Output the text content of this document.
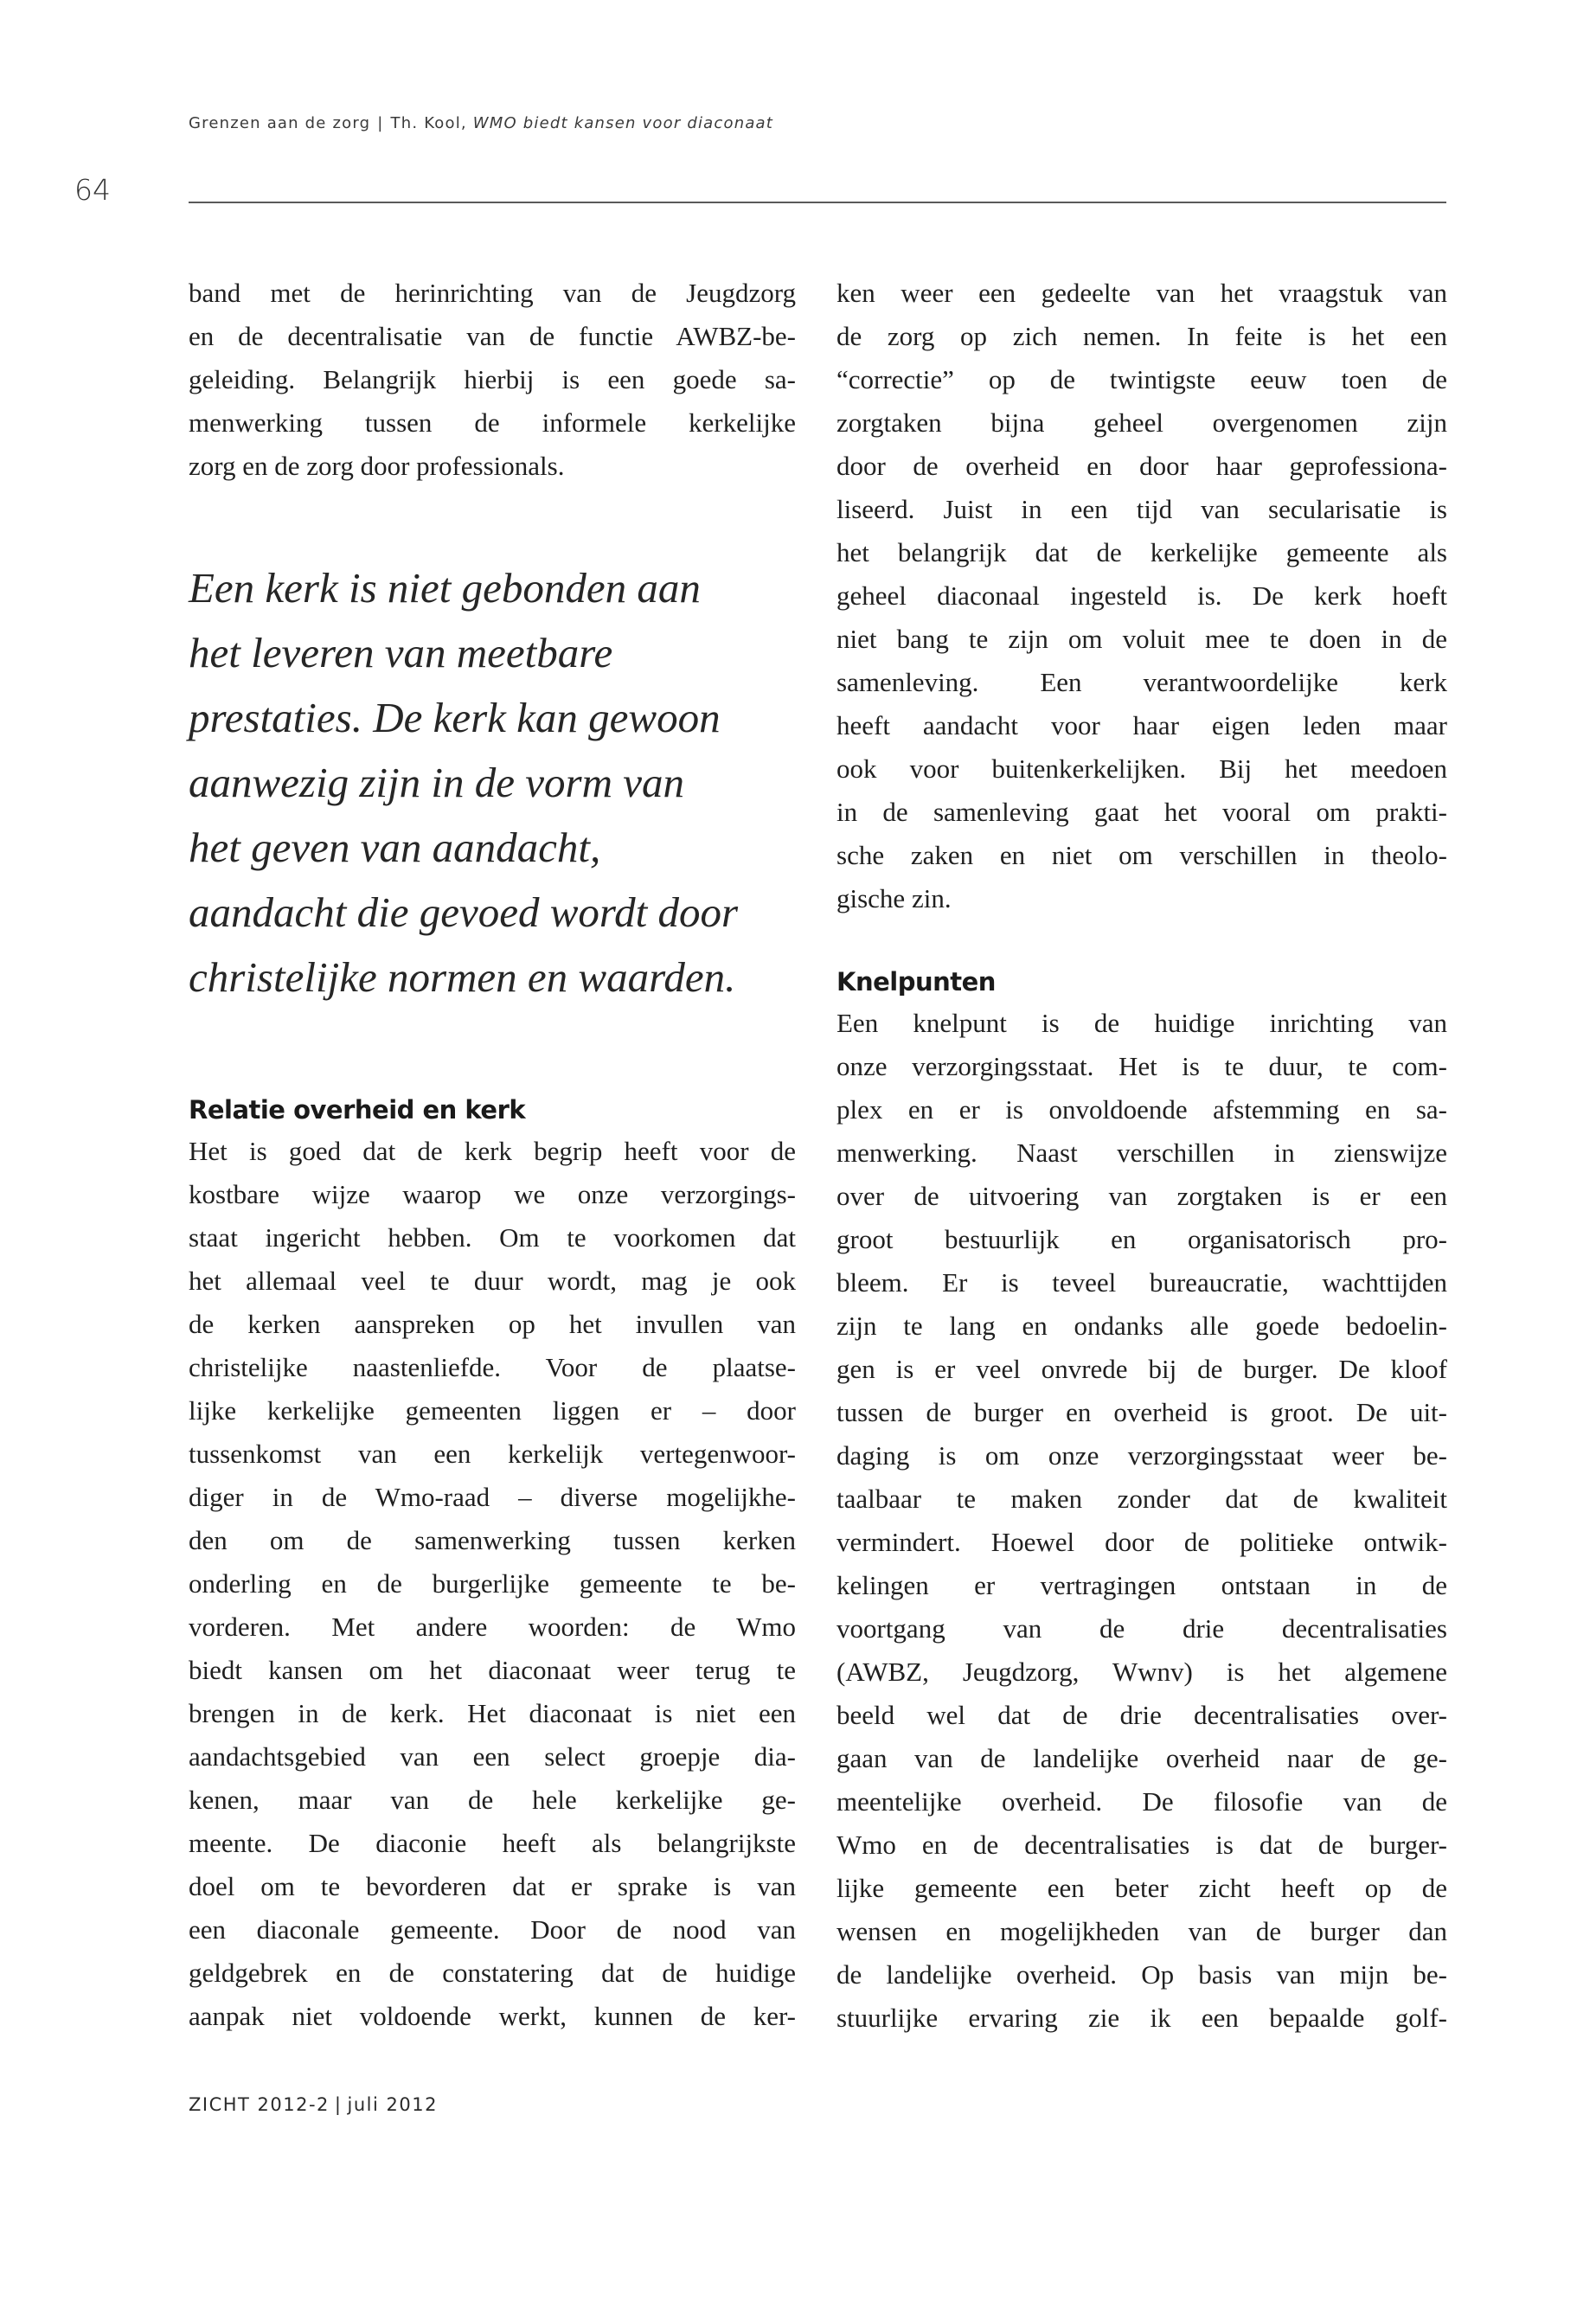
Grenzen aan de zorg | Th. Kool, WMO biedt kansen voor diaconaat
64
band met de herinrichting van de Jeugdzorg
en de decentralisatie van de functie AWBZ-be-
geleiding. Belangrijk hierbij is een goede sa-
menwerking tussen de informele kerkelijke
zorg en de zorg door professionals.
Een kerk is niet gebonden aan
het leveren van meetbare
prestaties. De kerk kan gewoon
aanwezig zijn in de vorm van
het geven van aandacht,
aandacht die gevoed wordt door
christelijke normen en waarden.
Relatie overheid en kerk
Het is goed dat de kerk begrip heeft voor de
kostbare wijze waarop we onze verzorgings-
staat ingericht hebben. Om te voorkomen dat
het allemaal veel te duur wordt, mag je ook
de kerken aanspreken op het invullen van
christelijke naastenliefde. Voor de plaatse-
lijke kerkelijke gemeenten liggen er – door
tussenkomst van een kerkelijk vertegenwoor-
diger in de Wmo-raad – diverse mogelijkhe-
den om de samenwerking tussen kerken
onderling en de burgerlijke gemeente te be-
vorderen. Met andere woorden: de Wmo
biedt kansen om het diaconaat weer terug te
brengen in de kerk. Het diaconaat is niet een
aandachtsgebied van een select groepje dia-
kenen, maar van de hele kerkelijke ge-
meente. De diaconie heeft als belangrijkste
doel om te bevorderen dat er sprake is van
een diaconale gemeente. Door de nood van
geldgebrek en de constatering dat de huidige
aanpak niet voldoende werkt, kunnen de ker-
ken weer een gedeelte van het vraagstuk van
de zorg op zich nemen. In feite is het een
“correctie” op de twintigste eeuw toen de
zorgtaken bijna geheel overgenomen zijn
door de overheid en door haar geprofessiona-
liseerd. Juist in een tijd van secularisatie is
het belangrijk dat de kerkelijke gemeente als
geheel diaconaal ingesteld is. De kerk hoeft
niet bang te zijn om voluit mee te doen in de
samenleving. Een verantwoordelijke kerk
heeft aandacht voor haar eigen leden maar
ook voor buitenkerkelijken. Bij het meedoen
in de samenleving gaat het vooral om prakti-
sche zaken en niet om verschillen in theolo-
gische zin.
Knelpunten
Een knelpunt is de huidige inrichting van
onze verzorgingsstaat. Het is te duur, te com-
plex en er is onvoldoende afstemming en sa-
menwerking. Naast verschillen in zienswijze
over de uitvoering van zorgtaken is er een
groot bestuurlijk en organisatorisch pro-
bleem. Er is teveel bureaucratie, wachttijden
zijn te lang en ondanks alle goede bedoelin-
gen is er veel onvrede bij de burger. De kloof
tussen de burger en overheid is groot. De uit-
daging is om onze verzorgingsstaat weer be-
taalbaar te maken zonder dat de kwaliteit
vermindert. Hoewel door de politieke ontwik-
kelingen er vertragingen ontstaan in de
voortgang van de drie decentralisaties
(AWBZ, Jeugdzorg, Wwnv) is het algemene
beeld wel dat de drie decentralisaties over-
gaan van de landelijke overheid naar de ge-
meentelijke overheid. De filosofie van de
Wmo en de decentralisaties is dat de burger-
lijke gemeente een beter zicht heeft op de
wensen en mogelijkheden van de burger dan
de landelijke overheid. Op basis van mijn be-
stuurlijke ervaring zie ik een bepaalde golf-
ZICHT 2012-2 | juli 2012
